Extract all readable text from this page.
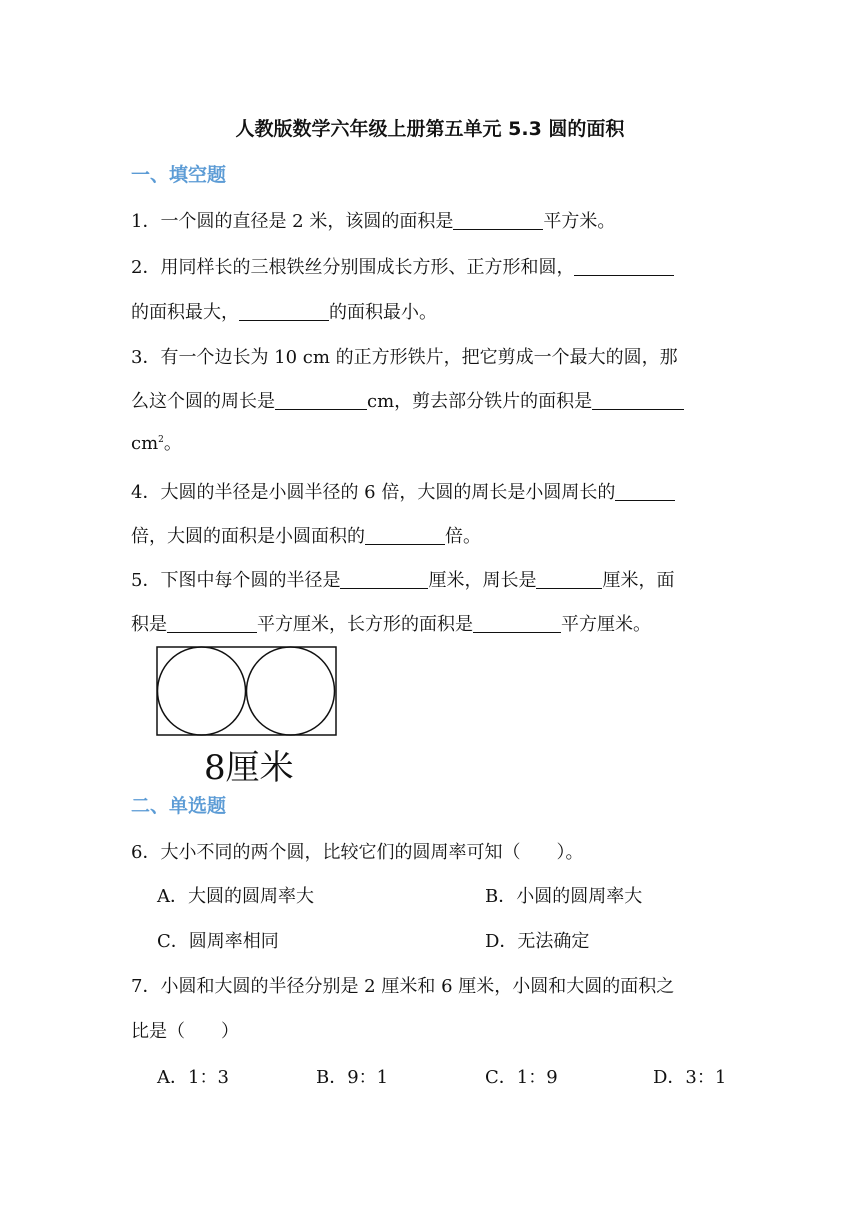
人教版数学六年级上册第五单元 5.3 圆的面积
一、填空题
1．一个圆的直径是 2 米，该圆的面积是	平方米。
2．用同样长的三根铁丝分别围成长方形、正方形和圆，
的面积最大，	的面积最小。
3．有一个边长为 10 cm 的正方形铁片，把它剪成一个最大的圆，那
么这个圆的周长是	cm，剪去部分铁片的面积是
$cm^2$。
4．大圆的半径是小圆半径的 6 倍，大圆的周长是小圆周长的
倍，大圆的面积是小圆面积的	倍。
5．下图中每个圆的半径是	厘米，周长是	厘米，面
积是	平方厘米，长方形的面积是	平方厘米。
8厘米
二、单选题
6．大小不同的两个圆，比较它们的圆周率可知（　　）。
A．大圆的圆周率大	B．小圆的圆周率大
C．圆周率相同	D．无法确定
7．小圆和大圆的半径分别是 2 厘米和 6 厘米，小圆和大圆的面积之
比是（　　）
A．1：3	B．9：1	C．1：9	D．3：1
